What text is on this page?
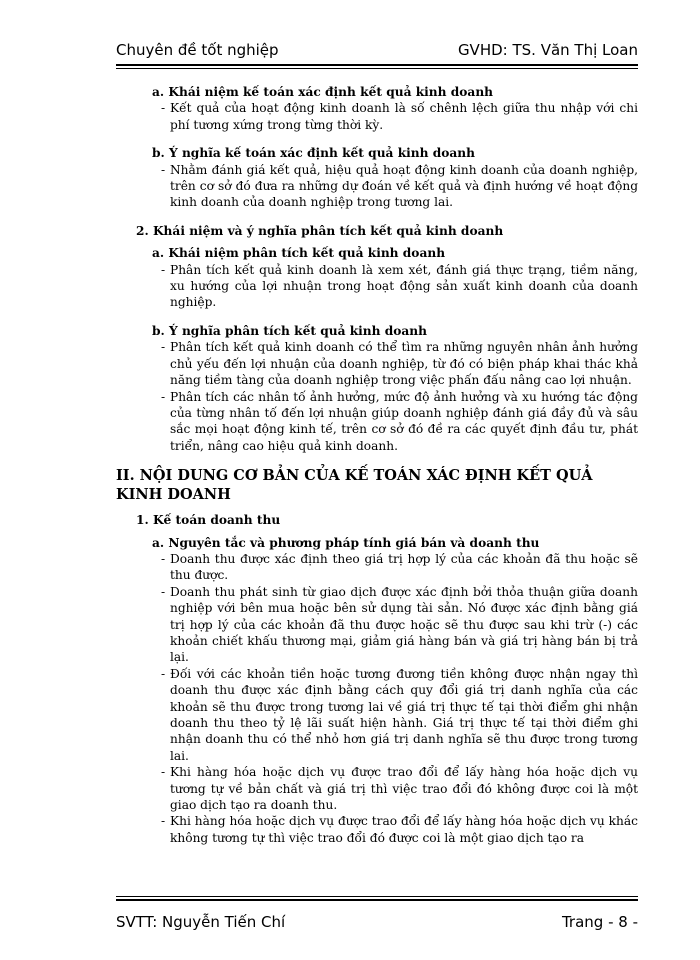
Chuyên đề tốt nghiệp	GVHD: TS. Văn Thị Loan
a. Khái niệm kế toán xác định kết quả kinh doanh
- Kết quả của hoạt động kinh doanh là số chênh lệch giữa thu nhập với chi phí tương xứng trong từng thời kỳ.
b. Ý nghĩa kế toán xác định kết quả kinh doanh
- Nhằm đánh giá kết quả, hiệu quả hoạt động kinh doanh của doanh nghiệp, trên cơ sở đó đưa ra những dự đoán về kết quả và định hướng về hoạt động kinh doanh của doanh nghiệp trong tương lai.
2. Khái niệm và ý nghĩa phân tích kết quả kinh doanh
a. Khái niệm phân tích kết quả kinh doanh
- Phân tích kết quả kinh doanh là xem xét, đánh giá thực trạng, tiềm năng, xu hướng của lợi nhuận trong hoạt động sản xuất kinh doanh của doanh nghiệp.
b. Ý nghĩa phân tích kết quả kinh doanh
- Phân tích kết quả kinh doanh có thể tìm ra những nguyên nhân ảnh hưởng chủ yếu đến lợi nhuận của doanh nghiệp, từ đó có biện pháp khai thác khả năng tiềm tàng của doanh nghiệp trong việc phấn đấu nâng cao lợi nhuận.
- Phân tích các nhân tố ảnh hưởng, mức độ ảnh hưởng và xu hướng tác động của từng nhân tố đến lợi nhuận giúp doanh nghiệp đánh giá đầy đủ và sâu sắc mọi hoạt động kinh tế, trên cơ sở đó đề ra các quyết định đầu tư, phát triển, nâng cao hiệu quả kinh doanh.
II. NỘI DUNG CƠ BẢN CỦA KẾ TOÁN XÁC ĐỊNH KẾT QUẢ KINH DOANH
1. Kế toán doanh thu
a. Nguyên tắc và phương pháp tính giá bán và doanh thu
- Doanh thu được xác định theo giá trị hợp lý của các khoản đã thu hoặc sẽ thu được.
- Doanh thu phát sinh từ giao dịch được xác định bởi thỏa thuận giữa doanh nghiệp với bên mua hoặc bên sử dụng tài sản. Nó được xác định bằng giá trị hợp lý của các khoản đã thu được hoặc sẽ thu được sau khi trừ (-) các khoản chiết khấu thương mại, giảm giá hàng bán và giá trị hàng bán bị trả lại.
- Đối với các khoản tiền hoặc tương đương tiền không được nhận ngay thì doanh thu được xác định bằng cách quy đổi giá trị danh nghĩa của các khoản sẽ thu được trong tương lai về giá trị thực tế tại thời điểm ghi nhận doanh thu theo tỷ lệ lãi suất hiện hành. Giá trị thực tế tại thời điểm ghi nhận doanh thu có thể nhỏ hơn giá trị danh nghĩa sẽ thu được trong tương lai.
- Khi hàng hóa hoặc dịch vụ được trao đổi để lấy hàng hóa hoặc dịch vụ tương tự về bản chất và giá trị thì việc trao đổi đó không được coi là một giao dịch tạo ra doanh thu.
- Khi hàng hóa hoặc dịch vụ được trao đổi để lấy hàng hóa hoặc dịch vụ khác không tương tự thì việc trao đổi đó được coi là một giao dịch tạo ra
SVTT: Nguyễn Tiến Chí	Trang - 8 -
